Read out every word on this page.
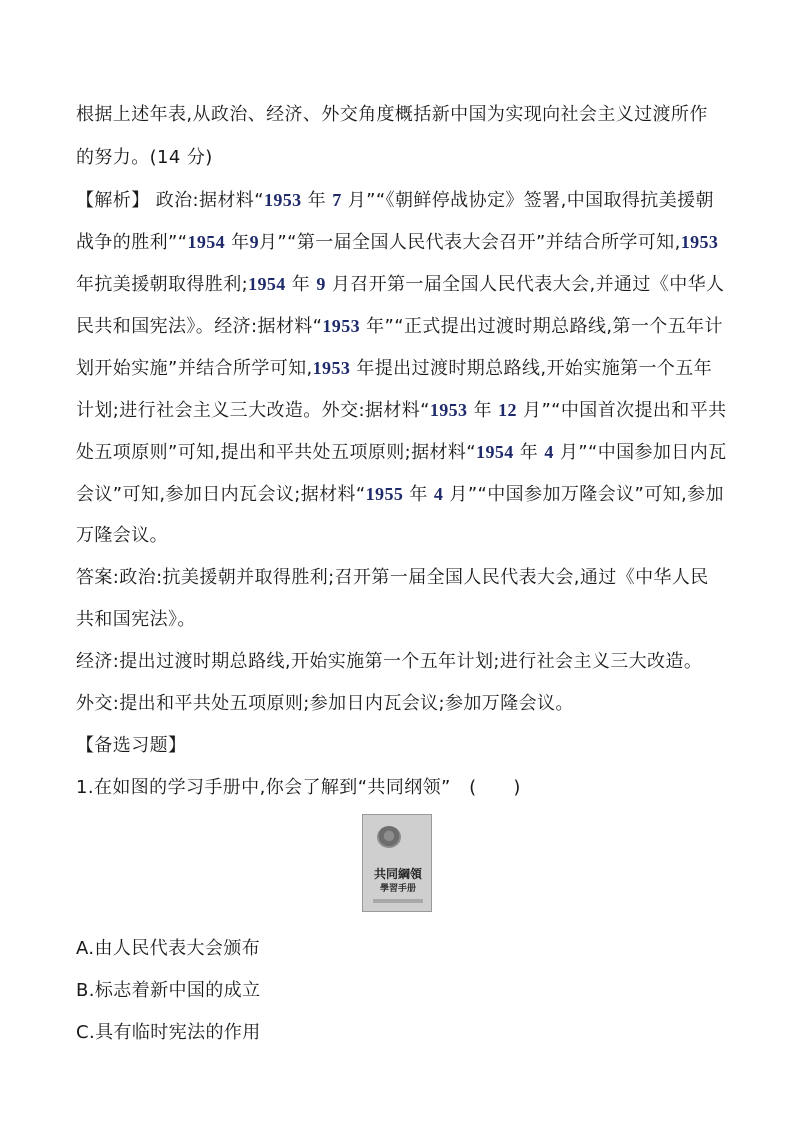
根据上述年表,从政治、经济、外交角度概括新中国为实现向社会主义过渡所作
的努力。(14 分)
【解析】 政治:据材料“1953 年 7 月”“《朝鲜停战协定》签署,中国取得抗美援朝
战争的胜利”“1954 年9月”“第一届全国人民代表大会召开”并结合所学可知,1953
年抗美援朝取得胜利;1954 年 9 月召开第一届全国人民代表大会,并通过《中华人
民共和国宪法》。经济:据材料“1953 年”“正式提出过渡时期总路线,第一个五年计
划开始实施”并结合所学可知,1953 年提出过渡时期总路线,开始实施第一个五年
计划;进行社会主义三大改造。外交:据材料“1953 年 12 月”“中国首次提出和平共
处五项原则”可知,提出和平共处五项原则;据材料“1954 年 4 月”“中国参加日内瓦
会议”可知,参加日内瓦会议;据材料“1955 年 4 月”“中国参加万隆会议”可知,参加
万隆会议。
答案:政治:抗美援朝并取得胜利;召开第一届全国人民代表大会,通过《中华人民
共和国宪法》。
经济:提出过渡时期总路线,开始实施第一个五年计划;进行社会主义三大改造。
外交:提出和平共处五项原则;参加日内瓦会议;参加万隆会议。
【备选习题】
1.在如图的学习手册中,你会了解到“共同纲领”　(　　)
共同綱領
學習手册
A.由人民代表大会颁布
B.标志着新中国的成立
C.具有临时宪法的作用
